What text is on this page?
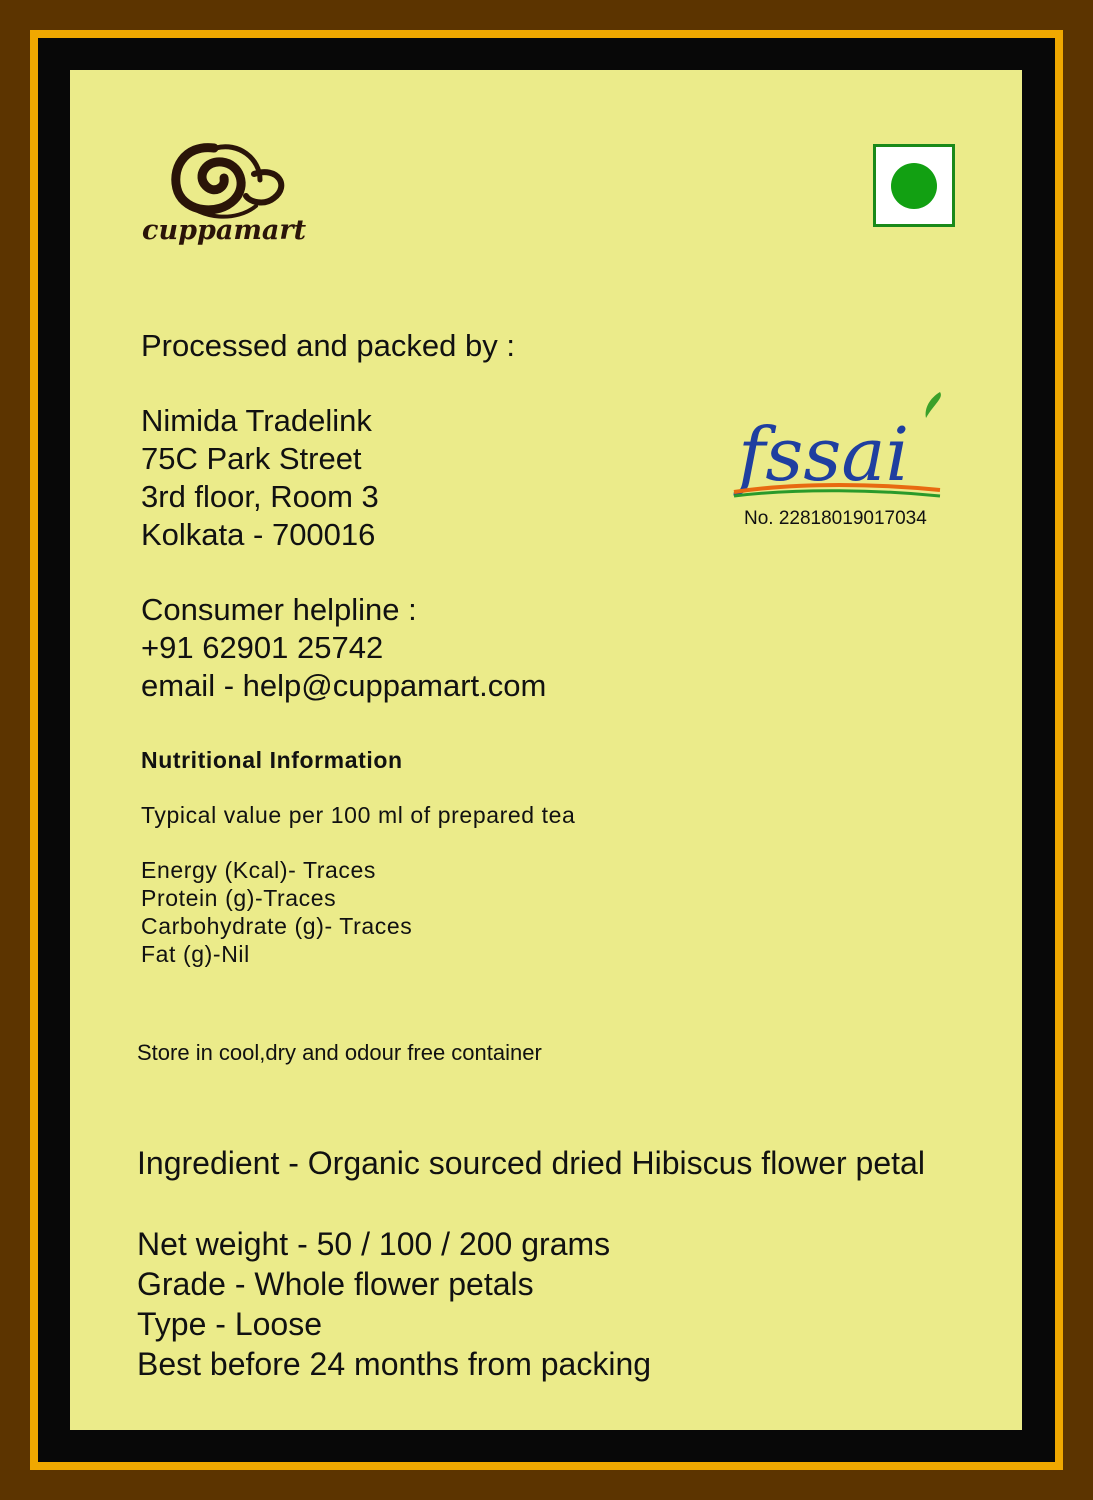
cuppamart
fssai
No. 22818019017034
Processed and packed by :
Nimida Tradelink
75C Park Street
3rd floor, Room 3
Kolkata - 700016
Consumer helpline :
+91 62901 25742
email - help@cuppamart.com
Nutritional Information
Typical value per 100 ml of prepared tea
Energy (Kcal)- Traces
Protein (g)-Traces
Carbohydrate (g)- Traces
Fat (g)-Nil
Store in cool,dry and odour free container
Ingredient - Organic sourced dried Hibiscus flower petal
Net weight - 50 / 100 / 200 grams
Grade - Whole flower petals
Type - Loose
Best before 24 months from packing
